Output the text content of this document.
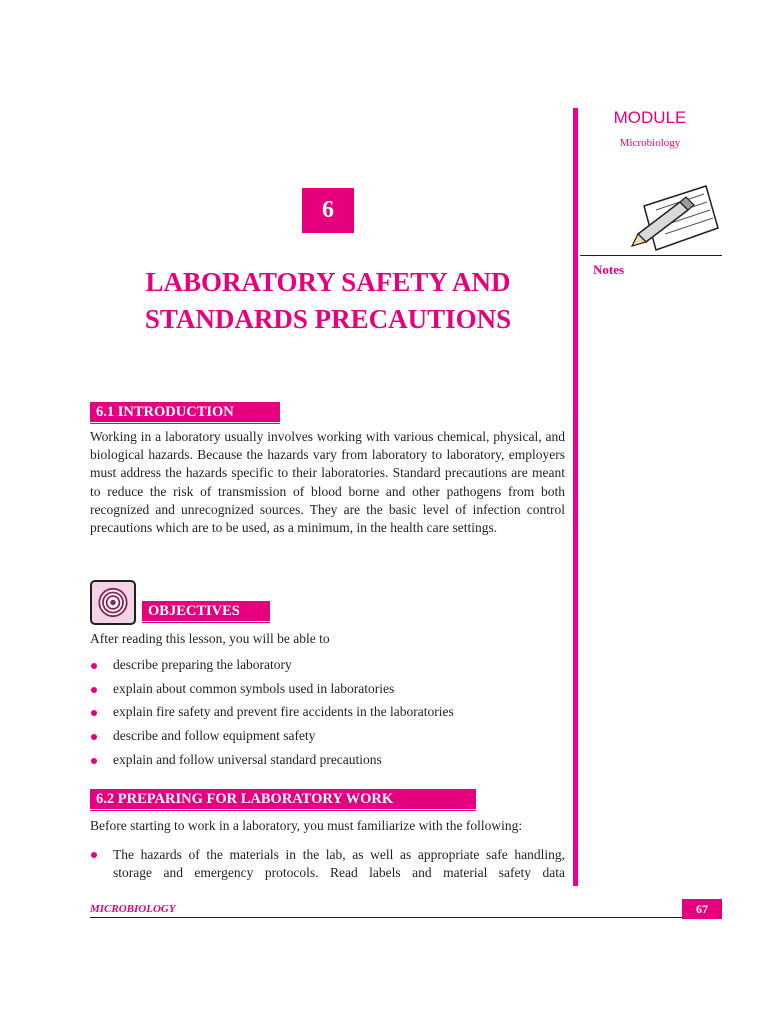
MODULE
Microbiology
Notes
6
LABORATORY SAFETY AND
STANDARDS PRECAUTIONS
6.1 INTRODUCTION
Working in a laboratory usually involves working with various chemical, physical, and biological hazards. Because the hazards vary from laboratory to laboratory, employers must address the hazards specific to their laboratories. Standard precautions are meant to reduce the risk of transmission of blood borne and other pathogens from both recognized and unrecognized sources. They are the basic level of infection control precautions which are to be used, as a minimum, in the health care settings.
OBJECTIVES
After reading this lesson, you will be able to
describe preparing the laboratory
explain about common symbols used in laboratories
explain fire safety and prevent fire accidents in the laboratories
describe and follow equipment safety
explain and follow universal standard precautions
6.2 PREPARING FOR LABORATORY WORK
Before starting to work in a laboratory, you must familiarize with the following:
The hazards of the materials in the lab, as well as appropriate safe handling, storage and emergency protocols. Read labels and material safety data
MICROBIOLOGY	67
